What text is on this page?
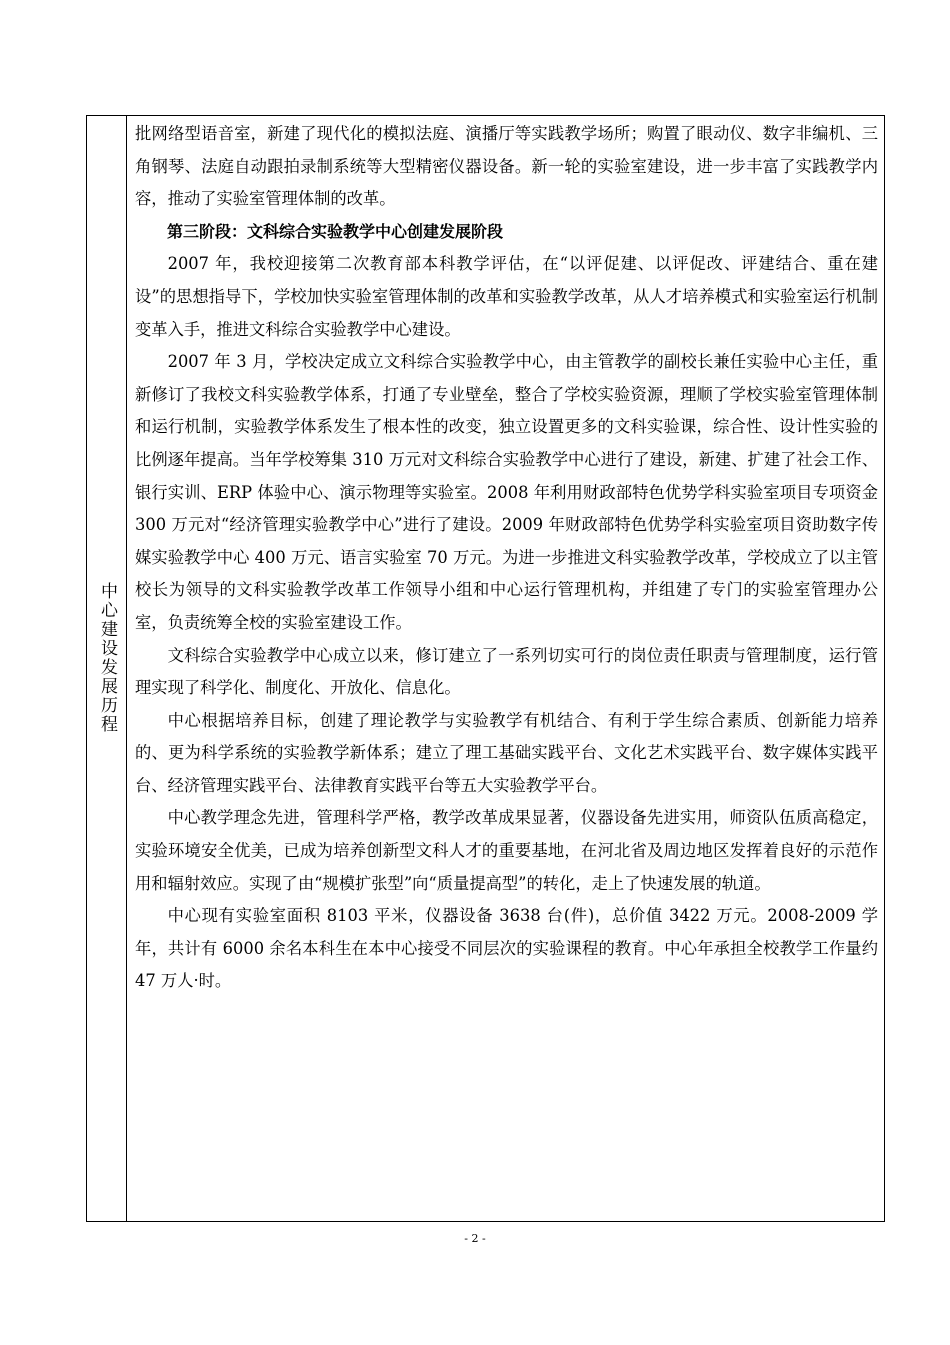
中心建设发展历程

批网络型语音室，新建了现代化的模拟法庭、演播厅等实践教学场所；购置了眼动仪、数字非编机、三角钢琴、法庭自动跟拍录制系统等大型精密仪器设备。新一轮的实验室建设，进一步丰富了实践教学内容，推动了实验室管理体制的改革。

第三阶段：文科综合实验教学中心创建发展阶段

2007 年，我校迎接第二次教育部本科教学评估，在“以评促建、以评促改、评建结合、重在建设”的思想指导下，学校加快实验室管理体制的改革和实验教学改革，从人才培养模式和实验室运行机制变革入手，推进文科综合实验教学中心建设。

2007 年 3 月，学校决定成立文科综合实验教学中心，由主管教学的副校长兼任实验中心主任，重新修订了我校文科实验教学体系，打通了专业壁垒，整合了学校实验资源，理顺了学校实验室管理体制和运行机制，实验教学体系发生了根本性的改变，独立设置更多的文科实验课，综合性、设计性实验的比例逐年提高。当年学校筹集 310 万元对文科综合实验教学中心进行了建设，新建、扩建了社会工作、银行实训、ERP 体验中心、演示物理等实验室。2008 年利用财政部特色优势学科实验室项目专项资金 300 万元对“经济管理实验教学中心”进行了建设。2009 年财政部特色优势学科实验室项目资助数字传媒实验教学中心 400 万元、语言实验室 70 万元。为进一步推进文科实验教学改革，学校成立了以主管校长为领导的文科实验教学改革工作领导小组和中心运行管理机构，并组建了专门的实验室管理办公室，负责统筹全校的实验室建设工作。

文科综合实验教学中心成立以来，修订建立了一系列切实可行的岗位责任职责与管理制度，运行管理实现了科学化、制度化、开放化、信息化。

中心根据培养目标，创建了理论教学与实验教学有机结合、有利于学生综合素质、创新能力培养的、更为科学系统的实验教学新体系；建立了理工基础实践平台、文化艺术实践平台、数字媒体实践平台、经济管理实践平台、法律教育实践平台等五大实验教学平台。

中心教学理念先进，管理科学严格，教学改革成果显著，仪器设备先进实用，师资队伍质高稳定，实验环境安全优美，已成为培养创新型文科人才的重要基地，在河北省及周边地区发挥着良好的示范作用和辐射效应。实现了由“规模扩张型”向“质量提高型”的转化，走上了快速发展的轨道。

中心现有实验室面积 8103 平米，仪器设备 3638 台(件)，总价值 3422 万元。2008-2009 学年，共计有 6000 余名本科生在本中心接受不同层次的实验课程的教育。中心年承担全校教学工作量约 47 万人·时。

- 2 -
